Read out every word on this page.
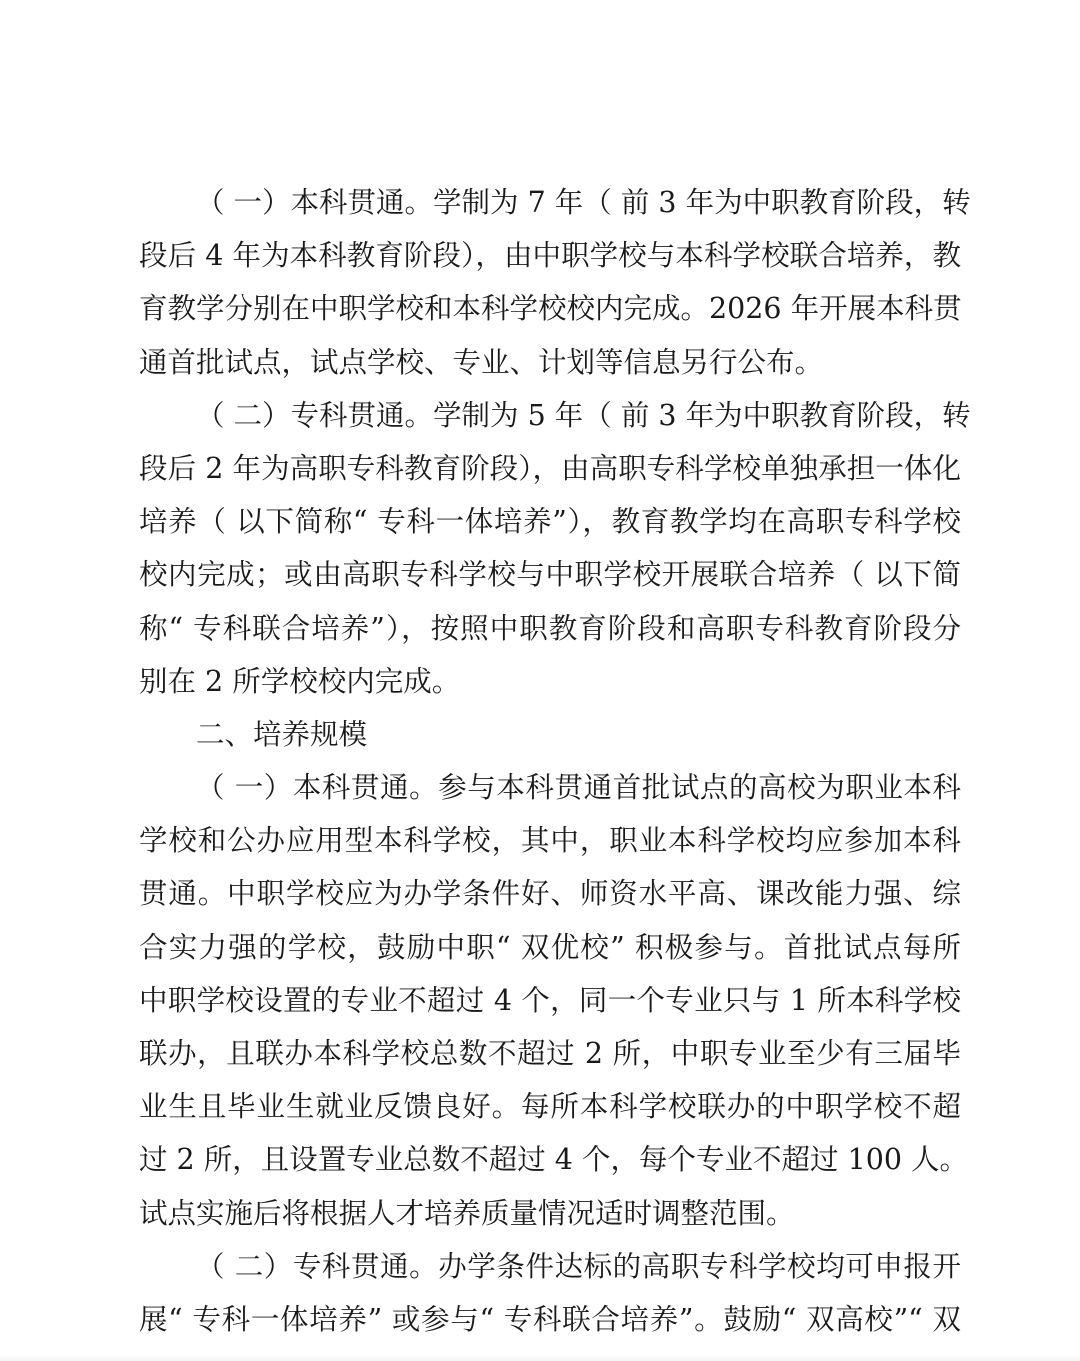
（ 一）本科贯通。学制为 7 年（ 前 3 年为中职教育阶段，转
段后 4 年为本科教育阶段），由中职学校与本科学校联合培养，教
育教学分别在中职学校和本科学校校内完成。2026 年开展本科贯
通首批试点，试点学校、专业、计划等信息另行公布。
（ 二）专科贯通。学制为 5 年（ 前 3 年为中职教育阶段，转
段后 2 年为高职专科教育阶段），由高职专科学校单独承担一体化
培养（ 以下简称“ 专科一体培养”），教育教学均在高职专科学校
校内完成；或由高职专科学校与中职学校开展联合培养（ 以下简
称“ 专科联合培养”），按照中职教育阶段和高职专科教育阶段分
别在 2 所学校校内完成。
二、培养规模
（ 一）本科贯通。参与本科贯通首批试点的高校为职业本科
学校和公办应用型本科学校，其中，职业本科学校均应参加本科
贯通。中职学校应为办学条件好、师资水平高、课改能力强、综
合实力强的学校，鼓励中职“ 双优校” 积极参与。首批试点每所
中职学校设置的专业不超过 4 个，同一个专业只与 1 所本科学校
联办，且联办本科学校总数不超过 2 所，中职专业至少有三届毕
业生且毕业生就业反馈良好。每所本科学校联办的中职学校不超
过 2 所，且设置专业总数不超过 4 个，每个专业不超过 100 人。
试点实施后将根据人才培养质量情况适时调整范围。
（ 二）专科贯通。办学条件达标的高职专科学校均可申报开
展“ 专科一体培养” 或参与“ 专科联合培养”。鼓励“ 双高校”“ 双
